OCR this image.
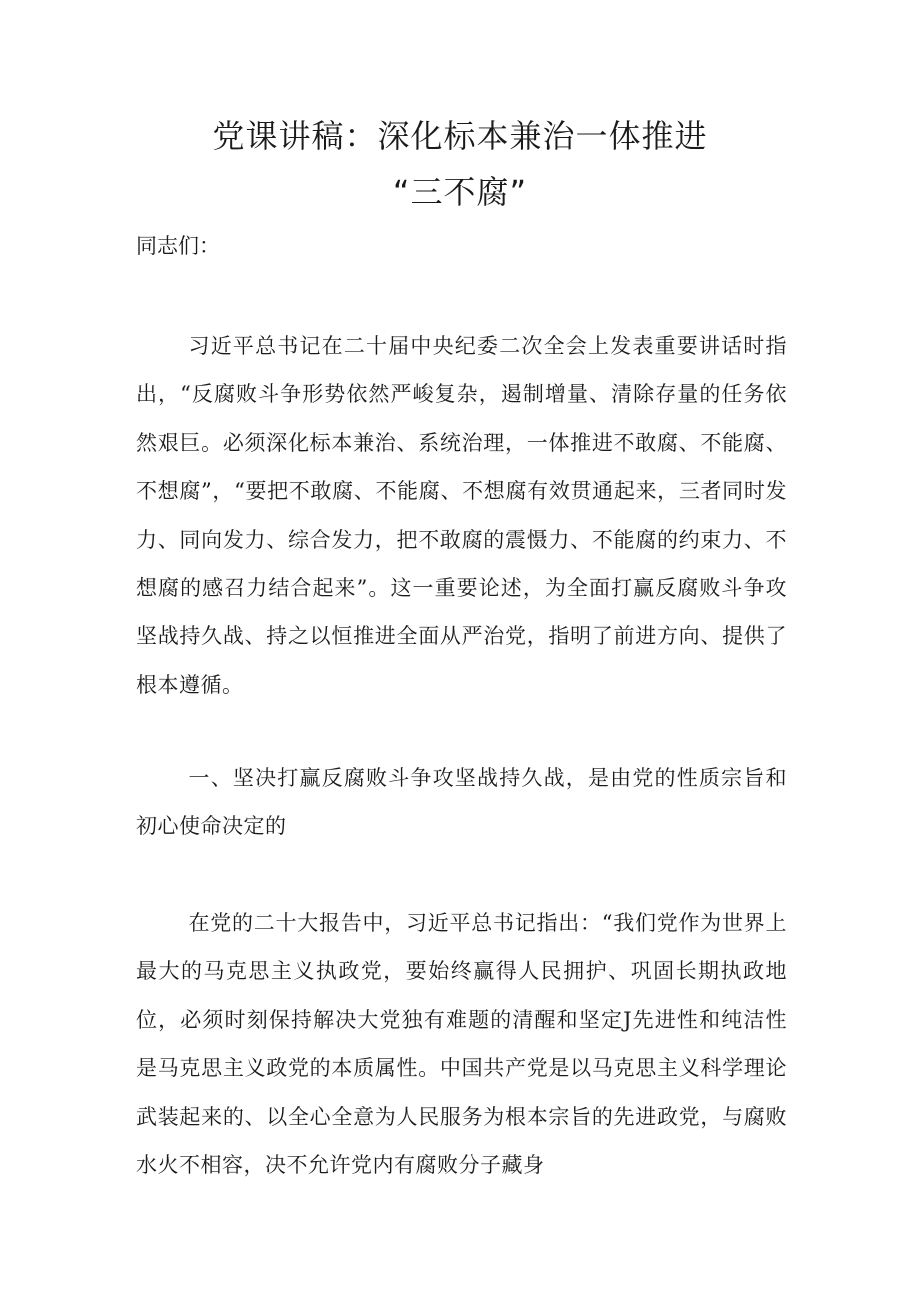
党课讲稿：深化标本兼治一体推进
“三不腐”
同志们：

习近平总书记在二十届中央纪委二次全会上发表重要讲话时指出，“反腐败斗争形势依然严峻复杂，遏制增量、清除存量的任务依然艰巨。必须深化标本兼治、系统治理，一体推进不敢腐、不能腐、不想腐”，“要把不敢腐、不能腐、不想腐有效贯通起来，三者同时发力、同向发力、综合发力，把不敢腐的震慑力、不能腐的约束力、不想腐的感召力结合起来”。这一重要论述，为全面打赢反腐败斗争攻坚战持久战、持之以恒推进全面从严治党，指明了前进方向、提供了根本遵循。

一、坚决打赢反腐败斗争攻坚战持久战，是由党的性质宗旨和初心使命决定的

在党的二十大报告中，习近平总书记指出：“我们党作为世界上最大的马克思主义执政党，要始终赢得人民拥护、巩固长期执政地位，必须时刻保持解决大党独有难题的清醒和坚定J先进性和纯洁性是马克思主义政党的本质属性。中国共产党是以马克思主义科学理论武装起来的、以全心全意为人民服务为根本宗旨的先进政党，与腐败水火不相容，决不允许党内有腐败分子藏身
